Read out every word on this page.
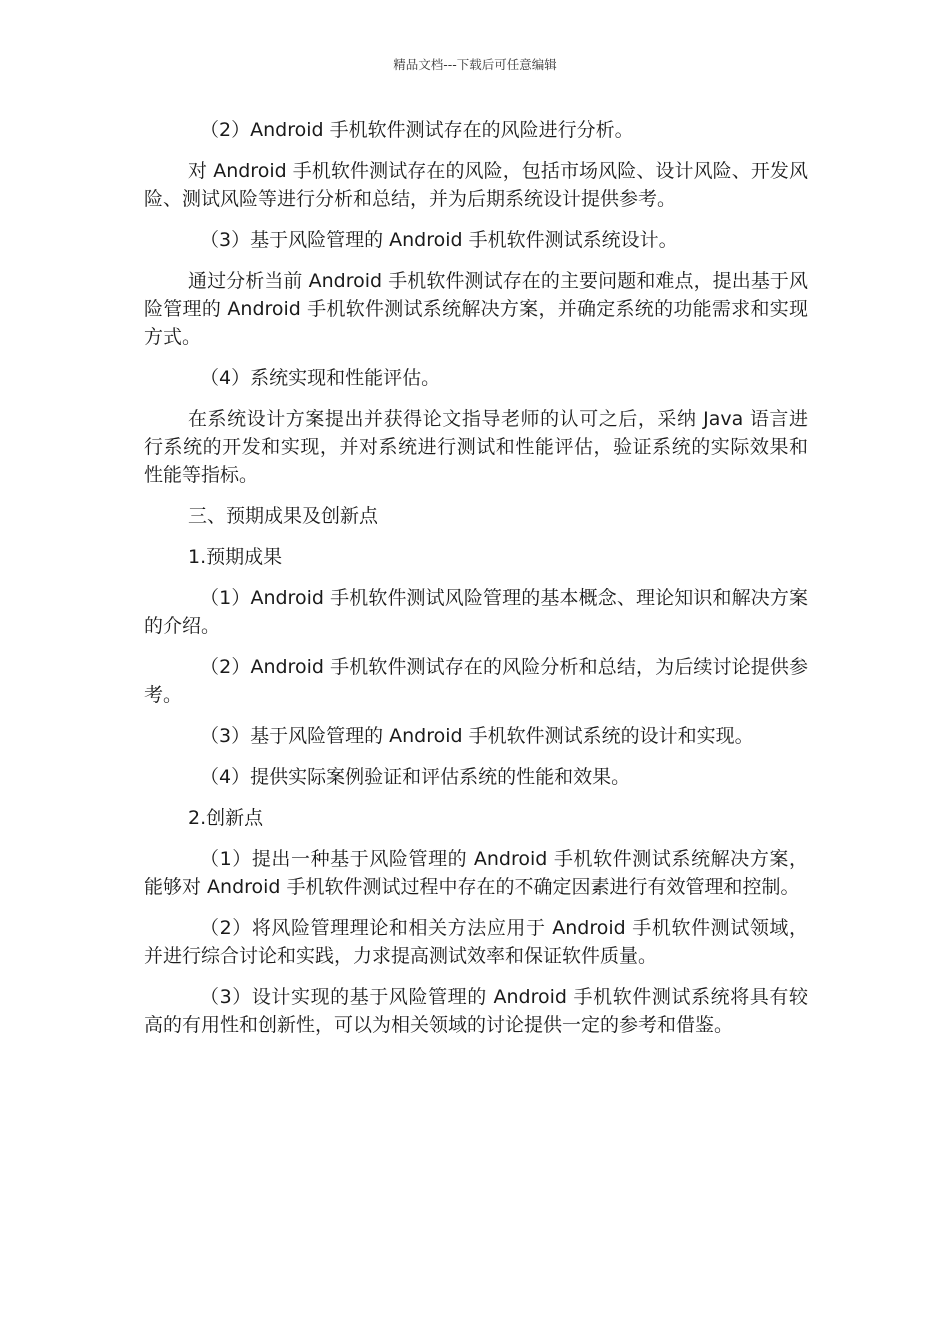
精品文档---下载后可任意编辑

（2）Android 手机软件测试存在的风险进行分析。

对 Android 手机软件测试存在的风险，包括市场风险、设计风险、开发风险、测试风险等进行分析和总结，并为后期系统设计提供参考。

（3）基于风险管理的 Android 手机软件测试系统设计。

通过分析当前 Android 手机软件测试存在的主要问题和难点，提出基于风险管理的 Android 手机软件测试系统解决方案，并确定系统的功能需求和实现方式。

（4）系统实现和性能评估。

在系统设计方案提出并获得论文指导老师的认可之后，采纳 Java 语言进行系统的开发和实现，并对系统进行测试和性能评估，验证系统的实际效果和性能等指标。

三、预期成果及创新点

1.预期成果

（1）Android 手机软件测试风险管理的基本概念、理论知识和解决方案的介绍。

（2）Android 手机软件测试存在的风险分析和总结，为后续讨论提供参考。

（3）基于风险管理的 Android 手机软件测试系统的设计和实现。

（4）提供实际案例验证和评估系统的性能和效果。

2.创新点

（1）提出一种基于风险管理的 Android 手机软件测试系统解决方案，能够对 Android 手机软件测试过程中存在的不确定因素进行有效管理和控制。

（2）将风险管理理论和相关方法应用于 Android 手机软件测试领域，并进行综合讨论和实践，力求提高测试效率和保证软件质量。

（3）设计实现的基于风险管理的 Android 手机软件测试系统将具有较高的有用性和创新性，可以为相关领域的讨论提供一定的参考和借鉴。
